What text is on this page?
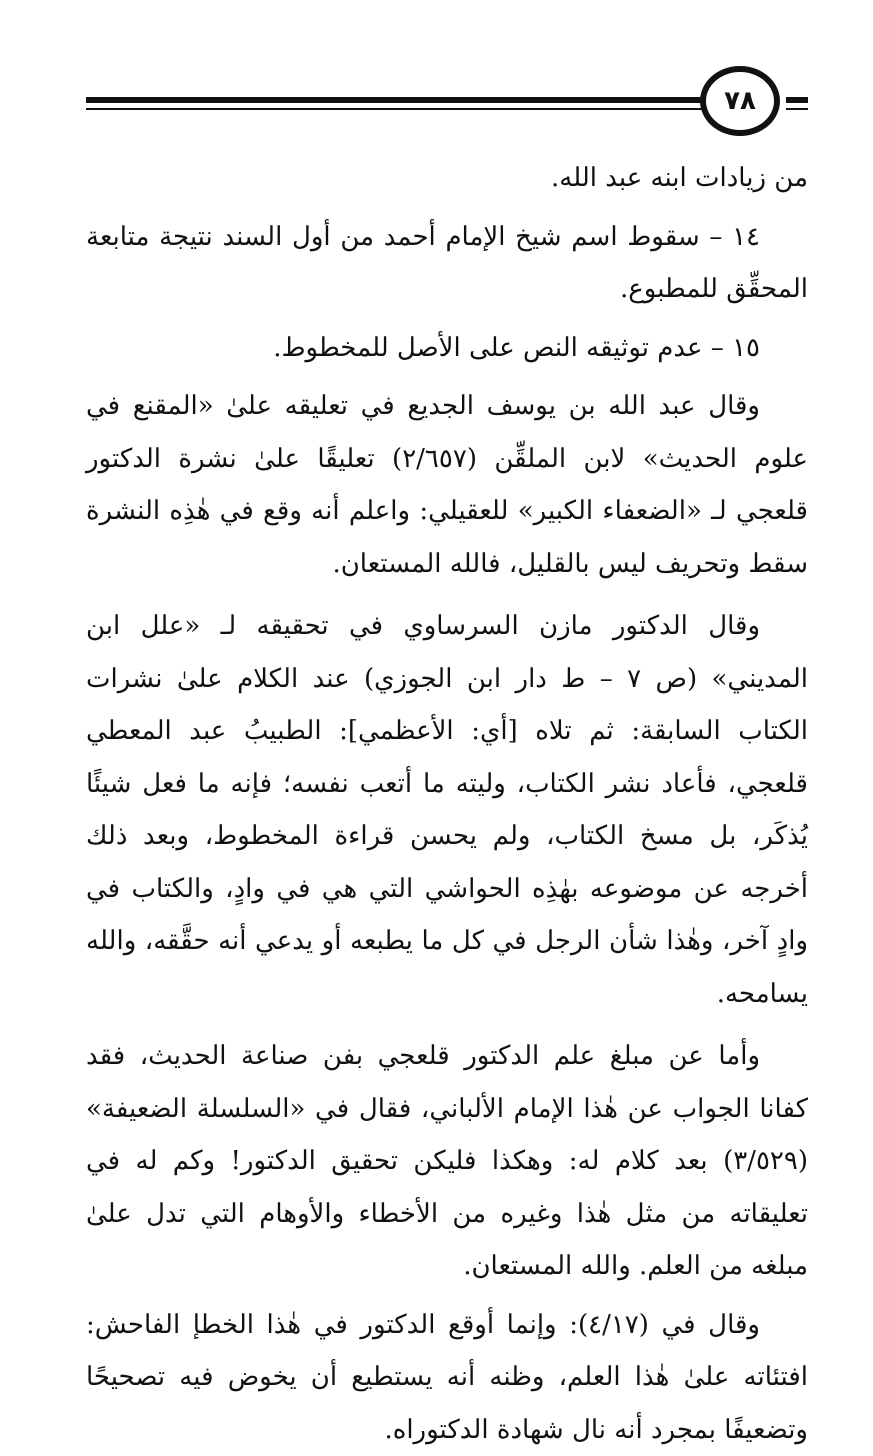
٧٨

من زيادات ابنه عبد الله.

١٤ – سقوط اسم شيخ الإمام أحمد من أول السند نتيجة متابعة المحقِّق للمطبوع.

١٥ – عدم توثيقه النص على الأصل للمخطوط.

وقال عبد الله بن يوسف الجديع في تعليقه علىٰ «المقنع في علوم الحديث» لابن الملقِّن (٢/٦٥٧) تعليقًا علىٰ نشرة الدكتور قلعجي لـ «الضعفاء الكبير» للعقيلي: واعلم أنه وقع في هٰذِه النشرة سقط وتحريف ليس بالقليل، فالله المستعان.

وقال الدكتور مازن السرساوي في تحقيقه لـ «علل ابن المديني» (ص ٧ – ط دار ابن الجوزي) عند الكلام علىٰ نشرات الكتاب السابقة: ثم تلاه [أي: الأعظمي]: الطبيبُ عبد المعطي قلعجي، فأعاد نشر الكتاب، وليته ما أتعب نفسه؛ فإنه ما فعل شيئًا يُذكَر، بل مسخ الكتاب، ولم يحسن قراءة المخطوط، وبعد ذلك أخرجه عن موضوعه بهٰذِه الحواشي التي هي في وادٍ، والكتاب في وادٍ آخر، وهٰذا شأن الرجل في كل ما يطبعه أو يدعي أنه حقَّقه، والله يسامحه.

وأما عن مبلغ علم الدكتور قلعجي بفن صناعة الحديث، فقد كفانا الجواب عن هٰذا الإمام الألباني، فقال في «السلسلة الضعيفة» (٣/٥٢٩) بعد كلام له: وهكذا فليكن تحقيق الدكتور! وكم له في تعليقاته من مثل هٰذا وغيره من الأخطاء والأوهام التي تدل علىٰ مبلغه من العلم. والله المستعان.

وقال في (٤/١٧): وإنما أوقع الدكتور في هٰذا الخطإ الفاحش: افتئاته علىٰ هٰذا العلم، وظنه أنه يستطيع أن يخوض فيه تصحيحًا وتضعيفًا بمجرد أنه نال شهادة الدكتوراه.
